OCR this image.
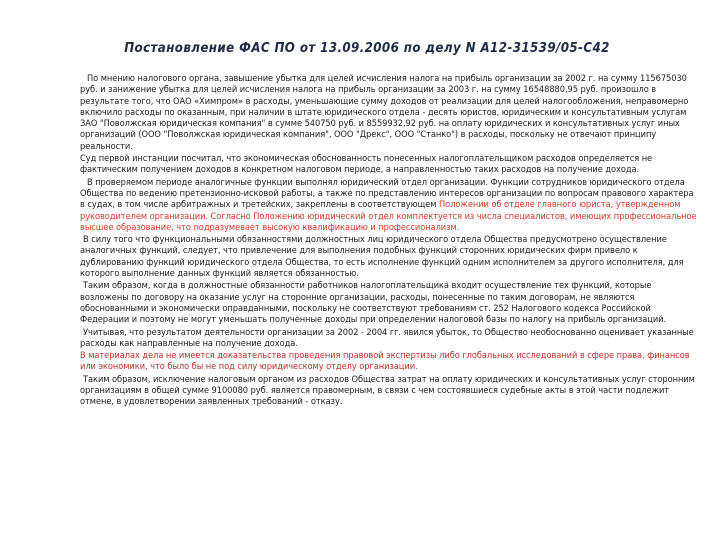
Постановление ФАС ПО от 13.09.2006 по делу N А12-31539/05-С42

По мнению налогового органа, завышение убытка для целей исчисления налога на прибыль организации за 2002 г. на сумму 115675030 руб. и занижение убытка для целей исчисления налога на прибыль организации за 2003 г. на сумму 16548880,95 руб. произошло в результате того, что ОАО «Химпром» в расходы, уменьшающие сумму доходов от реализации для целей налогообложения, неправомерно включило расходы по оказанным, при наличии в штате юридического отдела - десять юристов, юридическим и консультативным услугам ЗАО "Поволжская юридическая компания" в сумме 540750 руб. и 8559932,92 руб. на оплату юридических и консультативных услуг иных организаций (ООО "Поволжская юридическая компания", ООО "Дрекс", ООО "Станко") в расходы, поскольку не отвечают принципу реальности.

Суд первой инстанции посчитал, что экономическая обоснованность понесенных налогоплательщиком расходов определяется не фактическим получением доходов в конкретном налоговом периоде, а направленностью таких расходов на получение дохода.

В проверяемом периоде аналогичные функции выполнял юридический отдел организации. Функции сотрудников юридического отдела Общества по ведению претензионно-исковой работы, а также по представлению интересов организации по вопросам правового характера в судах, в том числе арбитражных и третейских, закреплены в соответствующем Положении об отделе главного юриста, утвержденном руководителем организации. Согласно Положению юридический отдел комплектуется из числа специалистов, имеющих профессиональное высшее образование, что подразумевает высокую квалификацию и профессионализм.

В силу того что функциональными обязанностями должностных лиц юридического отдела Общества предусмотрено осуществление аналогичных функций, следует, что привлечение для выполнения подобных функций сторонних юридических фирм привело к дублированию функций юридического отдела Общества, то есть исполнение функций одним исполнителем за другого исполнителя, для которого выполнение данных функций является обязанностью.

Таким образом, когда в должностные обязанности работников налогоплательщика входит осуществление тех функций, которые возложены по договору на оказание услуг на сторонние организации, расходы, понесенные по таким договорам, не являются обоснованными и экономически оправданными, поскольку не соответствуют требованиям ст. 252 Налогового кодекса Российской Федерации и поэтому не могут уменьшать полученные доходы при определении налоговой базы по налогу на прибыль организаций.

Учитывая, что результатом деятельности организации за 2002 - 2004 гг. явился убыток, то Общество необоснованно оценивает указанные расходы как направленные на получение дохода.

В материалах дела не имеется доказательства проведения правовой экспертизы либо глобальных исследований в сфере права, финансов или экономики, что было бы не под силу юридическому отделу организации.

Таким образом, исключение налоговым органом из расходов Общества затрат на оплату юридических и консультативных услуг сторонним организациям в общей сумме 9100080 руб. является правомерным, в связи с чем состоявшиеся судебные акты в этой части подлежит отмене, в удовлетворении заявленных требований - отказу.
